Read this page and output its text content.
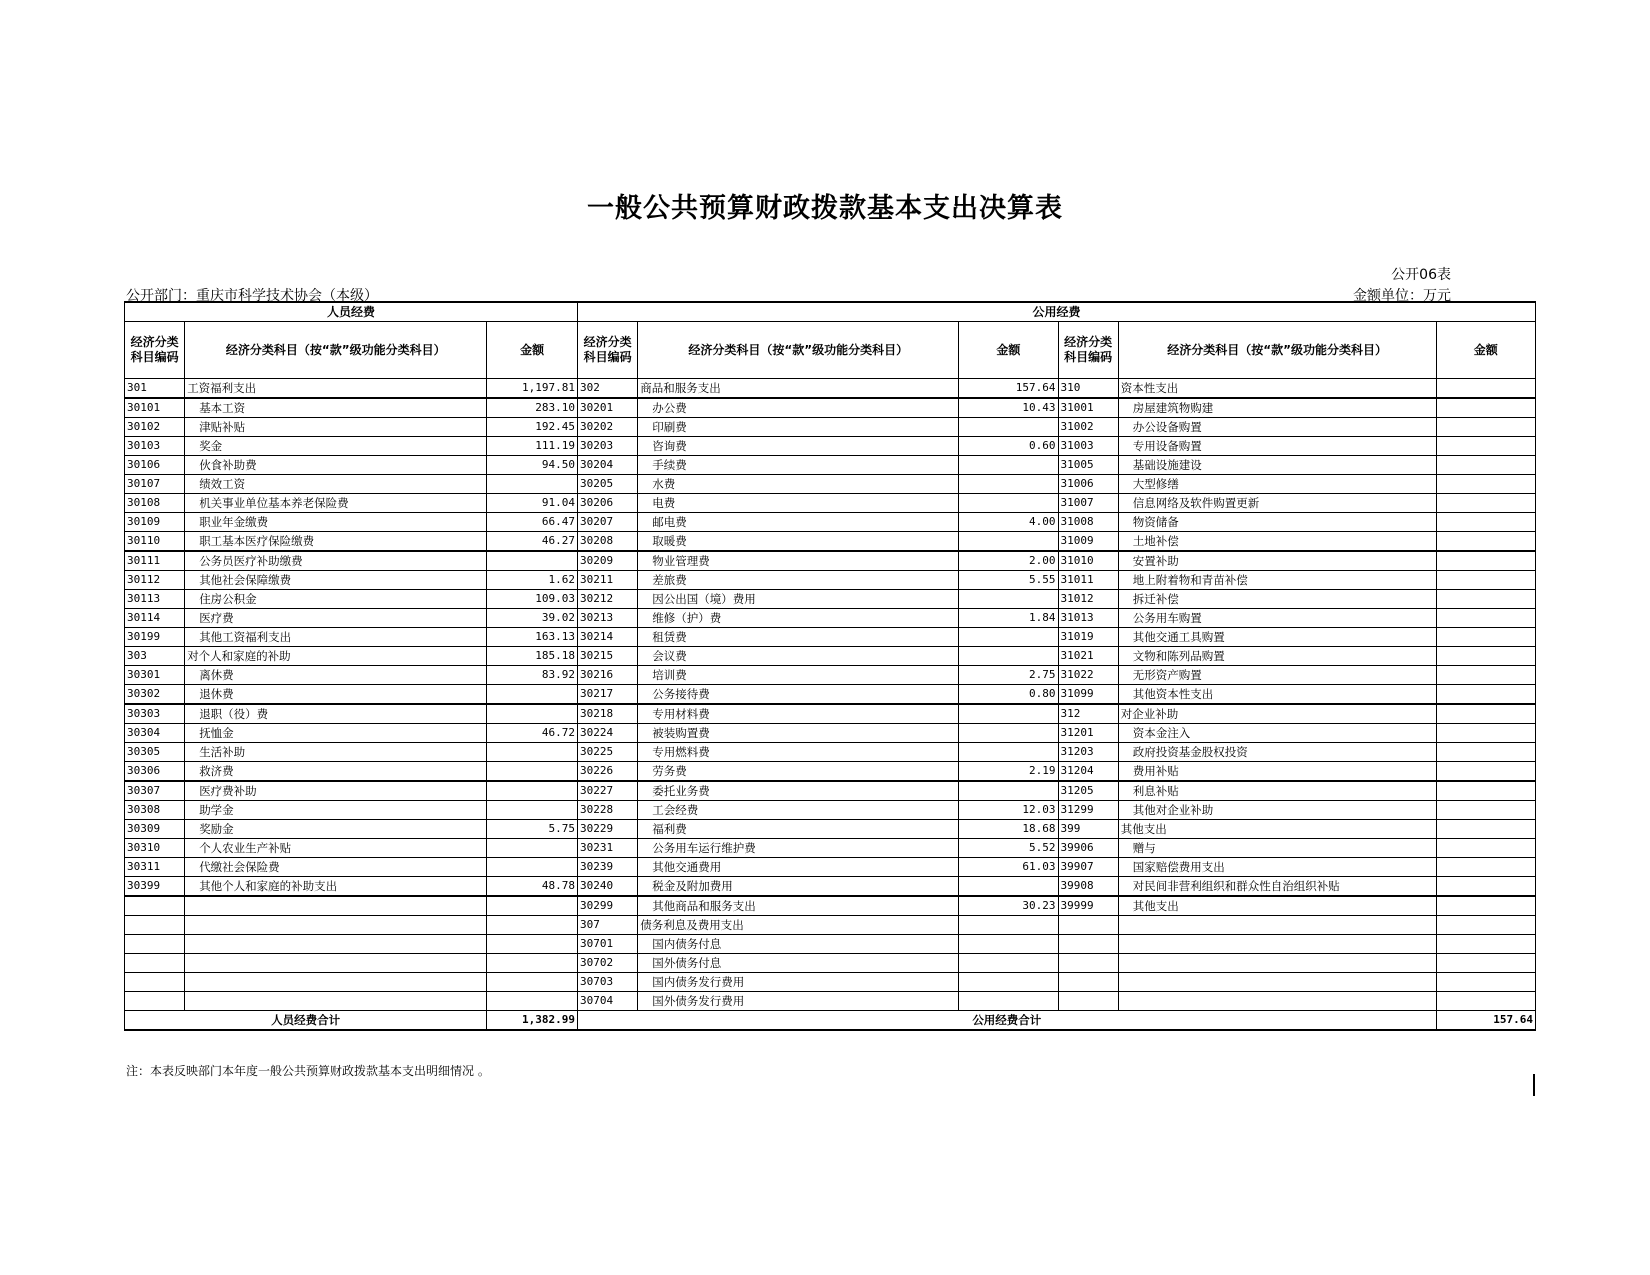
一般公共预算财政拨款基本支出决算表
公开06表
公开部门：重庆市科学技术协会（本级）	金额单位：万元
人员经费			公用经费					
经济分类科目编码	经济分类科目（按“款”级功能分类科目）	金额	经济分类科目编码	经济分类科目（按“款”级功能分类科目）	金额	经济分类科目编码	经济分类科目（按“款”级功能分类科目）	金额
301	工资福利支出	1,197.81	302	商品和服务支出	157.64	310	资本性支出	
30101	基本工资	283.10	30201	办公费	10.43	31001	房屋建筑物购建	
30102	津贴补贴	192.45	30202	印刷费		31002	办公设备购置	
30103	奖金	111.19	30203	咨询费	0.60	31003	专用设备购置	
30106	伙食补助费	94.50	30204	手续费		31005	基础设施建设	
30107	绩效工资		30205	水费		31006	大型修缮	
30108	机关事业单位基本养老保险费	91.04	30206	电费		31007	信息网络及软件购置更新	
30109	职业年金缴费	66.47	30207	邮电费	4.00	31008	物资储备	
30110	职工基本医疗保险缴费	46.27	30208	取暖费		31009	土地补偿	
30111	公务员医疗补助缴费		30209	物业管理费	2.00	31010	安置补助	
30112	其他社会保障缴费	1.62	30211	差旅费	5.55	31011	地上附着物和青苗补偿	
30113	住房公积金	109.03	30212	因公出国（境）费用		31012	拆迁补偿	
30114	医疗费	39.02	30213	维修（护）费	1.84	31013	公务用车购置	
30199	其他工资福利支出	163.13	30214	租赁费		31019	其他交通工具购置	
303	对个人和家庭的补助	185.18	30215	会议费		31021	文物和陈列品购置	
30301	离休费	83.92	30216	培训费	2.75	31022	无形资产购置	
30302	退休费		30217	公务接待费	0.80	31099	其他资本性支出	
30303	退职（役）费		30218	专用材料费		312	对企业补助	
30304	抚恤金	46.72	30224	被装购置费		31201	资本金注入	
30305	生活补助		30225	专用燃料费		31203	政府投资基金股权投资	
30306	救济费		30226	劳务费	2.19	31204	费用补贴	
30307	医疗费补助		30227	委托业务费		31205	利息补贴	
30308	助学金		30228	工会经费	12.03	31299	其他对企业补助	
30309	奖励金	5.75	30229	福利费	18.68	399	其他支出	
30310	个人农业生产补贴		30231	公务用车运行维护费	5.52	39906	赠与	
30311	代缴社会保险费		30239	其他交通费用	61.03	39907	国家赔偿费用支出	
30399	其他个人和家庭的补助支出	48.78	30240	税金及附加费用		39908	对民间非营利组织和群众性自治组织补贴	
			30299	其他商品和服务支出	30.23	39999	其他支出	
			307	债务利息及费用支出				
			30701	国内债务付息				
			30702	国外债务付息				
			30703	国内债务发行费用				
			30704	国外债务发行费用				
人员经费合计		1,382.99	公用经费合计					157.64
注：本表反映部门本年度一般公共预算财政拨款基本支出明细情况 。
